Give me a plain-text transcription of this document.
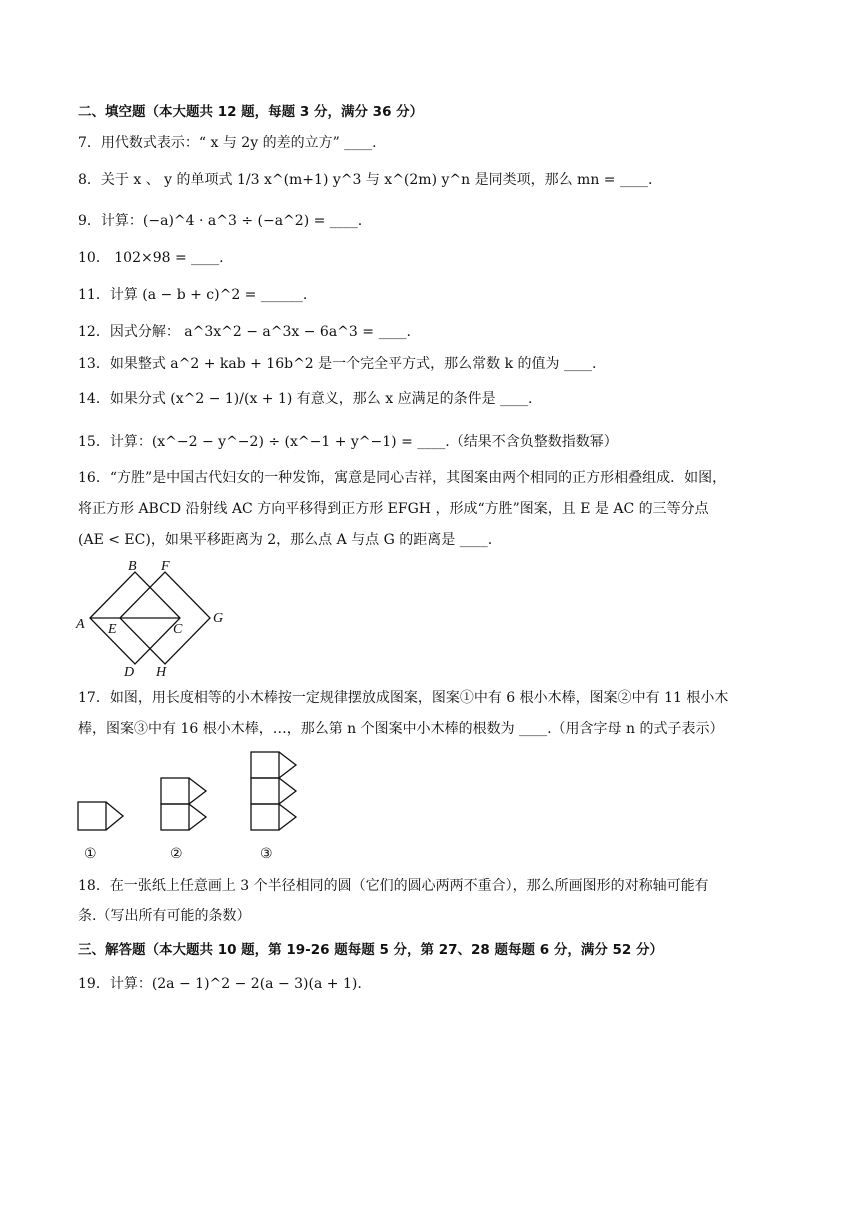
二、填空题（本大题共 12 题，每题 3 分，满分 36 分）
7．用代数式表示：“ x 与 2y 的差的立方” ____.
8．关于 x 、 y 的单项式 1/3 x^(m+1) y^3 与 x^(2m) y^n 是同类项，那么 mn = ____.
9．计算：(−a)^4 · a^3 ÷ (−a^2) = ____.
10． 102×98 = ____.
11．计算 (a − b + c)^2 = ______.
12．因式分解： a^3x^2 − a^3x − 6a^3 = ____.
13．如果整式 a^2 + kab + 16b^2 是一个完全平方式，那么常数 k 的值为 ____.
14．如果分式 (x^2 − 1)/(x + 1) 有意义，那么 x 应满足的条件是 ____.
15．计算：(x^−2 − y^−2) ÷ (x^−1 + y^−1) = ____.（结果不含负整数指数幂）
16．“方胜”是中国古代妇女的一种发饰，寓意是同心吉祥，其图案由两个相同的正方形相叠组成．如图，
将正方形 ABCD 沿射线 AC 方向平移得到正方形 EFGH ，形成“方胜”图案，且 E 是 AC 的三等分点
(AE < EC)，如果平移距离为 2，那么点 A 与点 G 的距离是 ____.
B F
A E	C
G
D H
17．如图，用长度相等的小木棒按一定规律摆放成图案，图案①中有 6 根小木棒，图案②中有 11 根小木
棒，图案③中有 16 根小木棒，…，那么第 n 个图案中小木棒的根数为 ____.（用含字母 n 的式子表示）
①	②	③
18．在一张纸上任意画上 3 个半径相同的圆（它们的圆心两两不重合），那么所画图形的对称轴可能有
条.（写出所有可能的条数）
三、解答题（本大题共 10 题，第 19-26 题每题 5 分，第 27、28 题每题 6 分，满分 52 分）
19．计算：(2a − 1)^2 − 2(a − 3)(a + 1).
